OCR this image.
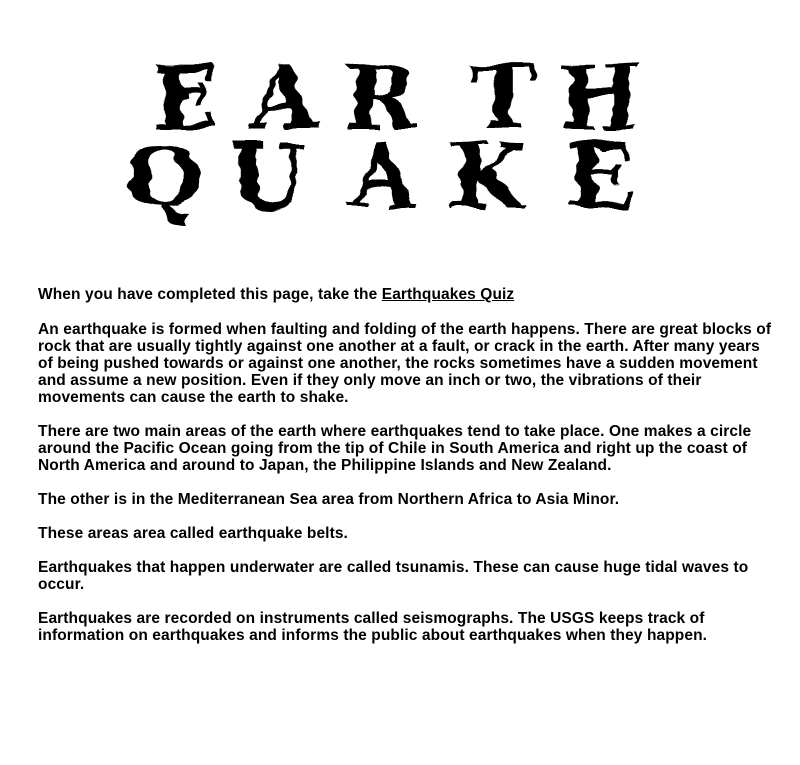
E A R T H
Q U A K E

When you have completed this page, take the Earthquakes Quiz

An earthquake is formed when faulting and folding of the earth happens. There are great blocks of rock that are usually tightly against one another at a fault, or crack in the earth. After many years of being pushed towards or against one another, the rocks sometimes have a sudden movement and assume a new position. Even if they only move an inch or two, the vibrations of their movements can cause the earth to shake.

There are two main areas of the earth where earthquakes tend to take place. One makes a circle around the Pacific Ocean going from the tip of Chile in South America and right up the coast of North America and around to Japan, the Philippine Islands and New Zealand.

The other is in the Mediterranean Sea area from Northern Africa to Asia Minor.

These areas area called earthquake belts.

Earthquakes that happen underwater are called tsunamis. These can cause huge tidal waves to occur.

Earthquakes are recorded on instruments called seismographs. The USGS keeps track of information on earthquakes and informs the public about earthquakes when they happen.
